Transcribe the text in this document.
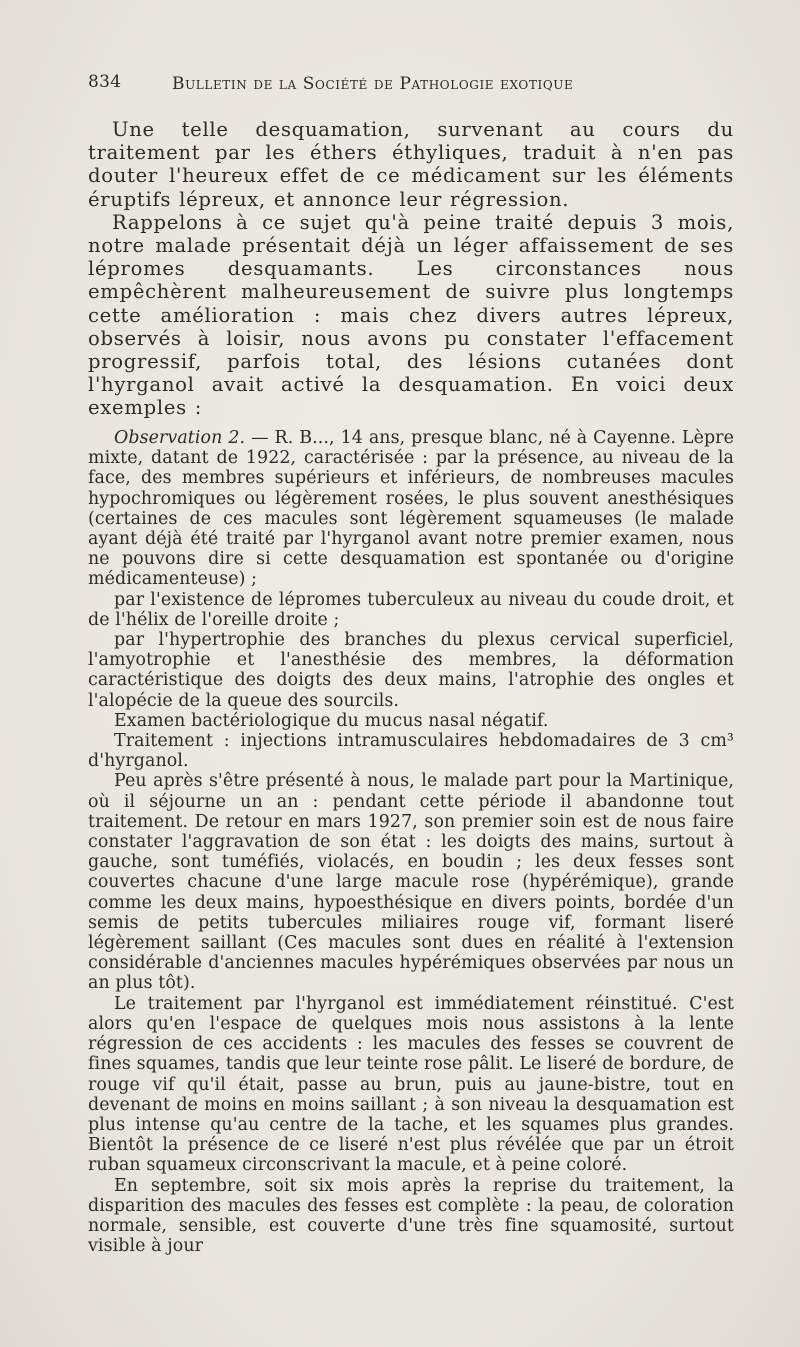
834	Bulletin de la Société de Pathologie exotique

Une telle desquamation, survenant au cours du traitement par les éthers éthyliques, traduit à n'en pas douter l'heureux effet de ce médicament sur les éléments éruptifs lépreux, et annonce leur régression.

Rappelons à ce sujet qu'à peine traité depuis 3 mois, notre malade présentait déjà un léger affaissement de ses lépromes desquamants. Les circonstances nous empêchèrent malheureusement de suivre plus longtemps cette amélioration : mais chez divers autres lépreux, observés à loisir, nous avons pu constater l'effacement progressif, parfois total, des lésions cutanées dont l'hyrganol avait activé la desquamation. En voici deux exemples :

Observation 2. — R. B..., 14 ans, presque blanc, né à Cayenne. Lèpre mixte, datant de 1922, caractérisée : par la présence, au niveau de la face, des membres supérieurs et inférieurs, de nombreuses macules hypochromiques ou légèrement rosées, le plus souvent anesthésiques (certaines de ces macules sont légèrement squameuses (le malade ayant déjà été traité par l'hyrganol avant notre premier examen, nous ne pouvons dire si cette desquamation est spontanée ou d'origine médicamenteuse) ;

par l'existence de lépromes tuberculeux au niveau du coude droit, et de l'hélix de l'oreille droite ;

par l'hypertrophie des branches du plexus cervical superficiel, l'amyotrophie et l'anesthésie des membres, la déformation caractéristique des doigts des deux mains, l'atrophie des ongles et l'alopécie de la queue des sourcils.

Examen bactériologique du mucus nasal négatif.

Traitement : injections intramusculaires hebdomadaires de 3 cm³ d'hyrganol.

Peu après s'être présenté à nous, le malade part pour la Martinique, où il séjourne un an : pendant cette période il abandonne tout traitement. De retour en mars 1927, son premier soin est de nous faire constater l'aggravation de son état : les doigts des mains, surtout à gauche, sont tuméfiés, violacés, en boudin ; les deux fesses sont couvertes chacune d'une large macule rose (hypérémique), grande comme les deux mains, hypoesthésique en divers points, bordée d'un semis de petits tubercules miliaires rouge vif, formant liseré légèrement saillant (Ces macules sont dues en réalité à l'extension considérable d'anciennes macules hypérémiques observées par nous un an plus tôt).

Le traitement par l'hyrganol est immédiatement réinstitué. C'est alors qu'en l'espace de quelques mois nous assistons à la lente régression de ces accidents : les macules des fesses se couvrent de fines squames, tandis que leur teinte rose pâlit. Le liseré de bordure, de rouge vif qu'il était, passe au brun, puis au jaune-bistre, tout en devenant de moins en moins saillant ; à son niveau la desquamation est plus intense qu'au centre de la tache, et les squames plus grandes. Bientôt la présence de ce liseré n'est plus révélée que par un étroit ruban squameux circonscrivant la macule, et à peine coloré.

En septembre, soit six mois après la reprise du traitement, la disparition des macules des fesses est complète : la peau, de coloration normale, sensible, est couverte d'une très fine squamosité, surtout visible à jour
